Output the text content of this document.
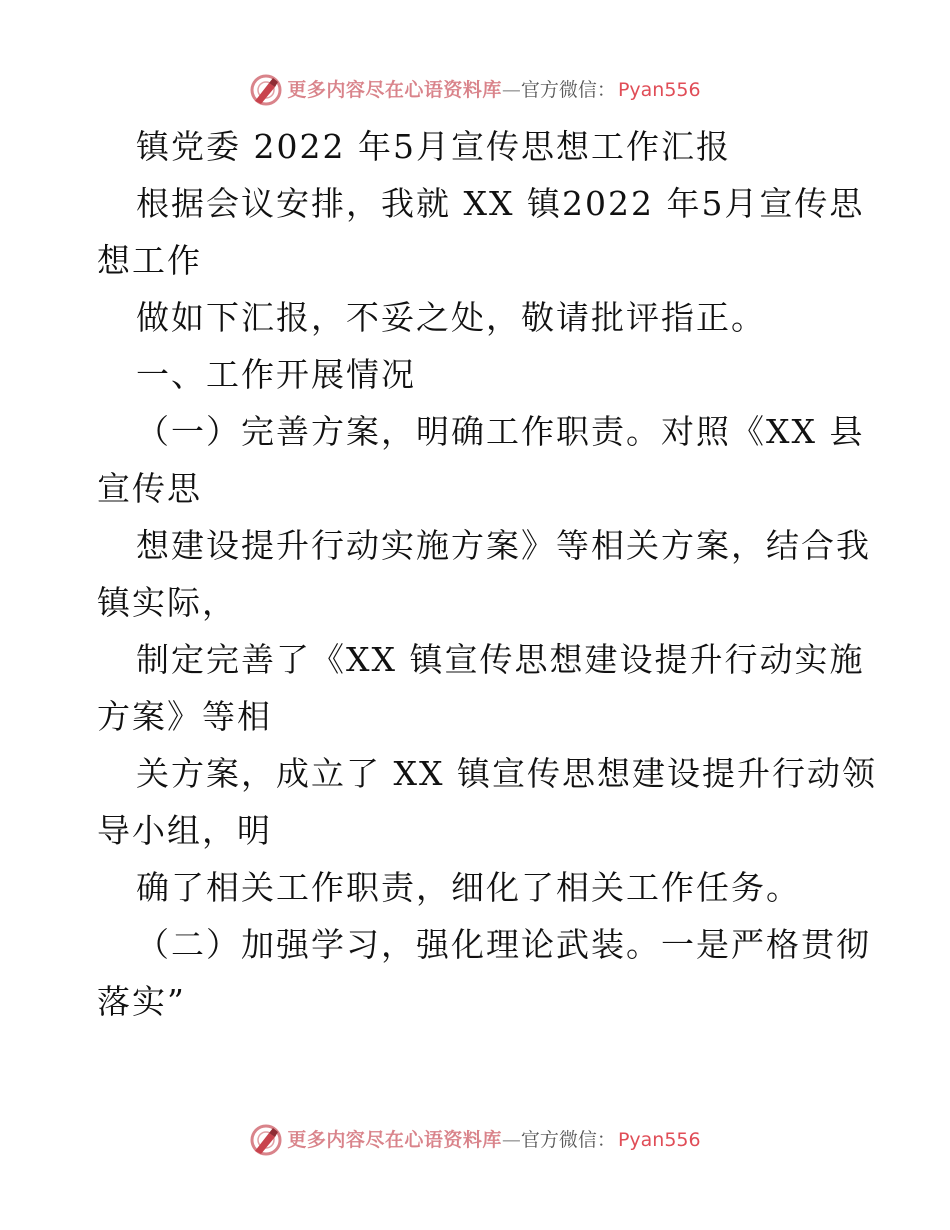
更多内容尽在心语资料库 — 官方微信： Pyan556
镇党委 2022 年5月宣传思想工作汇报
根据会议安排，我就 XX 镇2022 年5月宣传思
想工作
做如下汇报，不妥之处，敬请批评指正。
一、工作开展情况
（一）完善方案，明确工作职责。对照《XX 县
宣传思
想建设提升行动实施方案》等相关方案，结合我
镇实际，
制定完善了《XX 镇宣传思想建设提升行动实施
方案》等相
关方案，成立了 XX 镇宣传思想建设提升行动领
导小组，明
确了相关工作职责，细化了相关工作任务。
（二）加强学习，强化理论武装。一是严格贯彻
落实”
更多内容尽在心语资料库 — 官方微信： Pyan556
